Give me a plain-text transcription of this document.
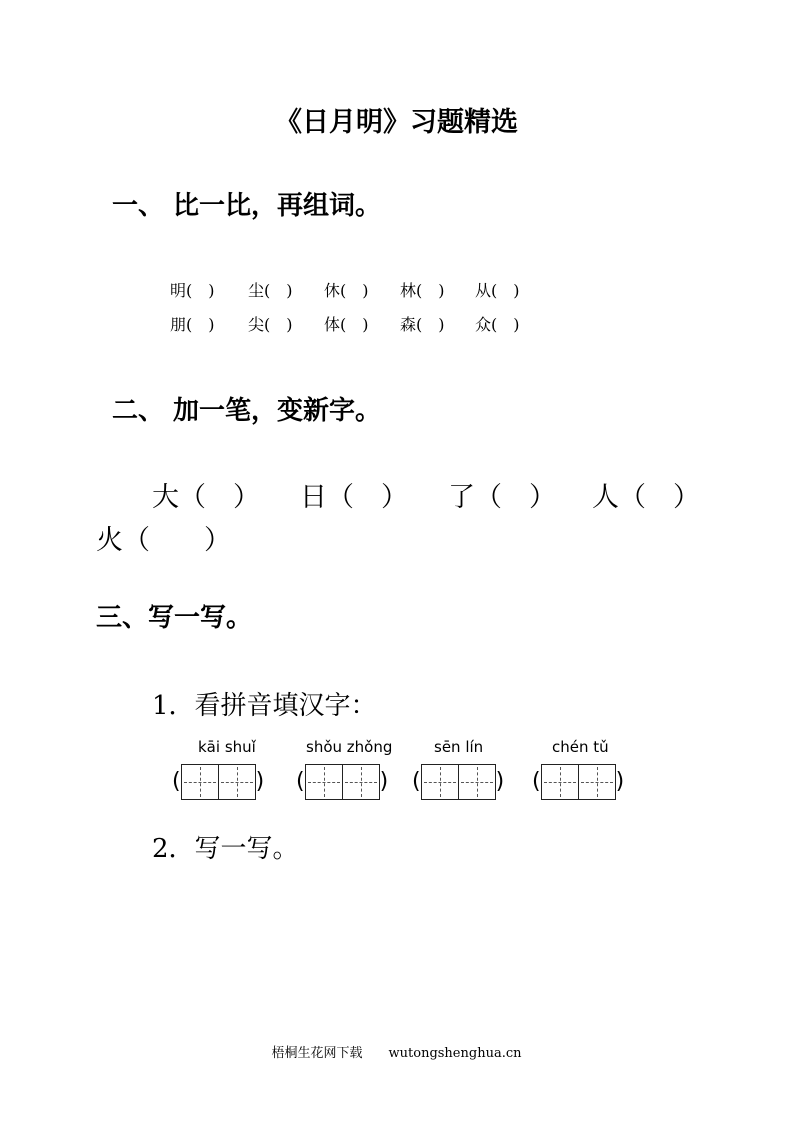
《日月明》习题精选
一、 比一比，再组词。
明(　) 尘(　) 休(　) 林(　) 从(　)
朋(　) 尖(　) 体(　) 森(　) 众(　)
二、 加一笔，变新字。
大（　） 日（　） 了（　） 人（　）
火（　　）
三、写一写。
1．看拼音填汉字：
kāi shuǐ
(	)
shǒu zhǒng
(	)
sēn lín
(	)
chén tǔ
(	)
2．写一写。
梧桐生花网下载 wutongshenghua.cn
